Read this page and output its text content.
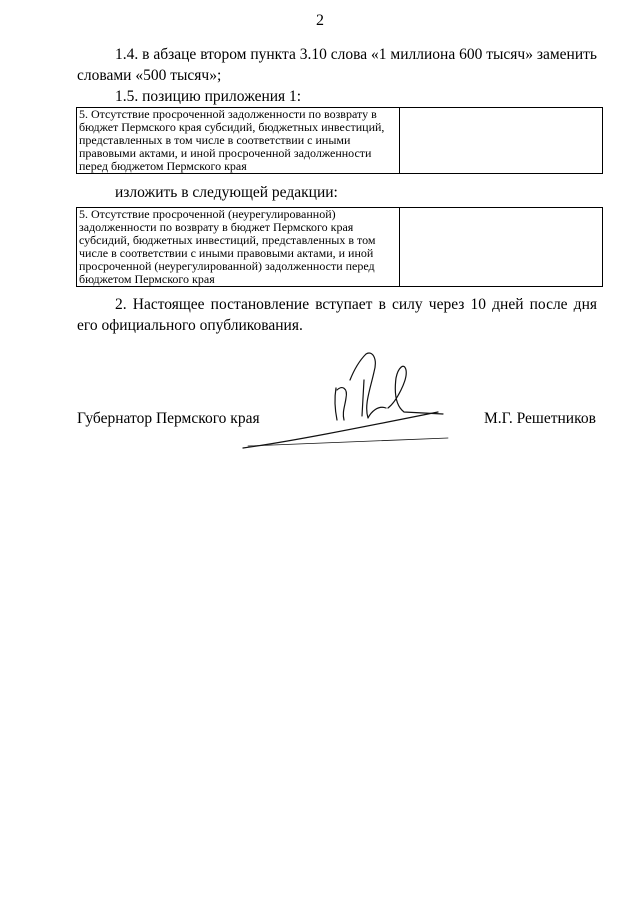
2

1.4. в абзаце втором пункта 3.10 слова «1 миллиона 600 тысяч» заменить словами «500 тысяч»;

1.5. позицию приложения 1:

5. Отсутствие просроченной задолженности по возврату в бюджет Пермского края субсидий, бюджетных инвестиций, представленных в том числе в соответствии с иными правовыми актами, и иной просроченной задолженности перед бюджетом Пермского края	

изложить в следующей редакции:

5. Отсутствие просроченной (неурегулированной) задолженности по возврату в бюджет Пермского края субсидий, бюджетных инвестиций, представленных в том числе в соответствии с иными правовыми актами, и иной просроченной (неурегулированной) задолженности перед бюджетом Пермского края	

2. Настоящее постановление вступает в силу через 10 дней после дня его официального опубликования.

Губернатор Пермского края	М.Г. Решетников
